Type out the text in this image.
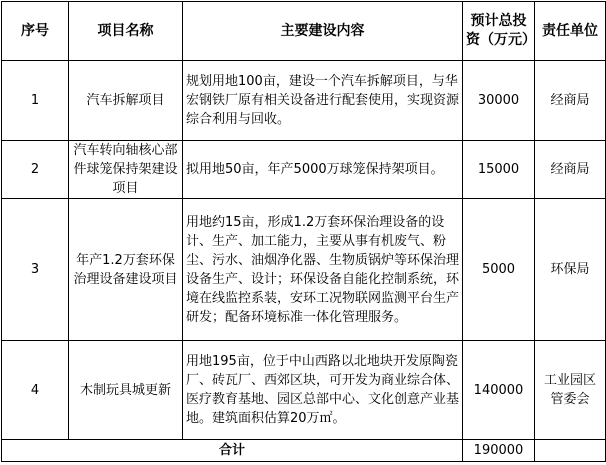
序号	项目名称	主要建设内容	预计总投资（万元）	责任单位
1	汽车拆解项目	规划用地100亩，建设一个汽车拆解项目，与华宏钢铁厂原有相关设备进行配套使用，实现资源综合利用与回收。	30000	经商局
2	汽车转向轴核心部件球笼保持架建设项目	拟用地50亩，年产5000万球笼保持架项目。	15000	经商局
3	年产1.2万套环保治理设备建设项目	用地约15亩，形成1.2万套环保治理设备的设计、生产、加工能力，主要从事有机废气、粉尘、污水、油烟净化器、生物质锅炉等环保治理设备生产、设计；环保设备自能化控制系统，环境在线监控系装，安环工况物联网监测平台生产研发；配备环境标准一体化管理服务。	5000	环保局
4	木制玩具城更新	用地195亩，位于中山西路以北地块开发原陶瓷厂、砖瓦厂、西郊区块，可开发为商业综合体、医疗教育基地、园区总部中心、文化创意产业基地。建筑面积估算20万㎡。	140000	工业园区管委会
合计			190000	
